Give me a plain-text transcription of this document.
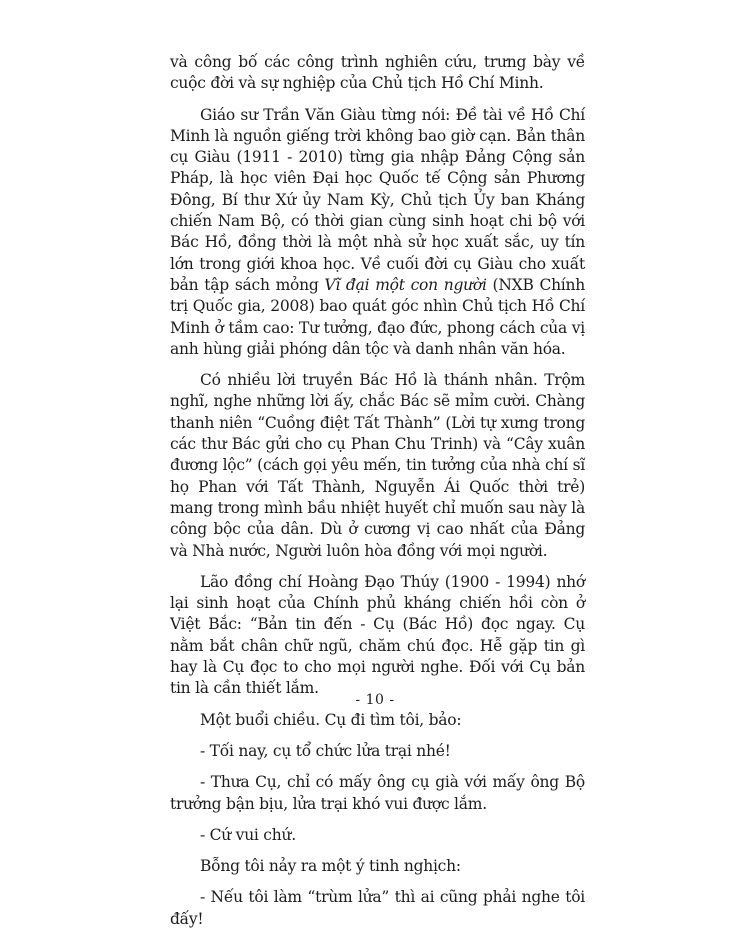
và công bố các công trình nghiên cứu, trưng bày về cuộc đời và sự nghiệp của Chủ tịch Hồ Chí Minh.

Giáo sư Trần Văn Giàu từng nói: Đề tài về Hồ Chí Minh là nguồn giếng trời không bao giờ cạn. Bản thân cụ Giàu (1911 - 2010) từng gia nhập Đảng Cộng sản Pháp, là học viên Đại học Quốc tế Cộng sản Phương Đông, Bí thư Xứ ủy Nam Kỳ, Chủ tịch Ủy ban Kháng chiến Nam Bộ, có thời gian cùng sinh hoạt chi bộ với Bác Hồ, đồng thời là một nhà sử học xuất sắc, uy tín lớn trong giới khoa học. Về cuối đời cụ Giàu cho xuất bản tập sách mỏng Vĩ đại một con người (NXB Chính trị Quốc gia, 2008) bao quát góc nhìn Chủ tịch Hồ Chí Minh ở tầm cao: Tư tưởng, đạo đức, phong cách của vị anh hùng giải phóng dân tộc và danh nhân văn hóa.

Có nhiều lời truyền Bác Hồ là thánh nhân. Trộm nghĩ, nghe những lời ấy, chắc Bác sẽ mỉm cười. Chàng thanh niên “Cuồng điệt Tất Thành” (Lời tự xưng trong các thư Bác gửi cho cụ Phan Chu Trinh) và “Cây xuân đương lộc” (cách gọi yêu mến, tin tưởng của nhà chí sĩ họ Phan với Tất Thành, Nguyễn Ái Quốc thời trẻ) mang trong mình bầu nhiệt huyết chỉ muốn sau này là công bộc của dân. Dù ở cương vị cao nhất của Đảng và Nhà nước, Người luôn hòa đồng với mọi người.

Lão đồng chí Hoàng Đạo Thúy (1900 - 1994) nhớ lại sinh hoạt của Chính phủ kháng chiến hồi còn ở Việt Bắc: “Bản tin đến - Cụ (Bác Hồ) đọc ngay. Cụ nằm bắt chân chữ ngũ, chăm chú đọc. Hễ gặp tin gì hay là Cụ đọc to cho mọi người nghe. Đối với Cụ bản tin là cần thiết lắm.

Một buổi chiều. Cụ đi tìm tôi, bảo:

- Tối nay, cụ tổ chức lửa trại nhé!

- Thưa Cụ, chỉ có mấy ông cụ già với mấy ông Bộ trưởng bận bịu, lửa trại khó vui được lắm.

- Cứ vui chứ.

Bỗng tôi nảy ra một ý tinh nghịch:

- Nếu tôi làm “trùm lửa” thì ai cũng phải nghe tôi đấy!

- 10 -
